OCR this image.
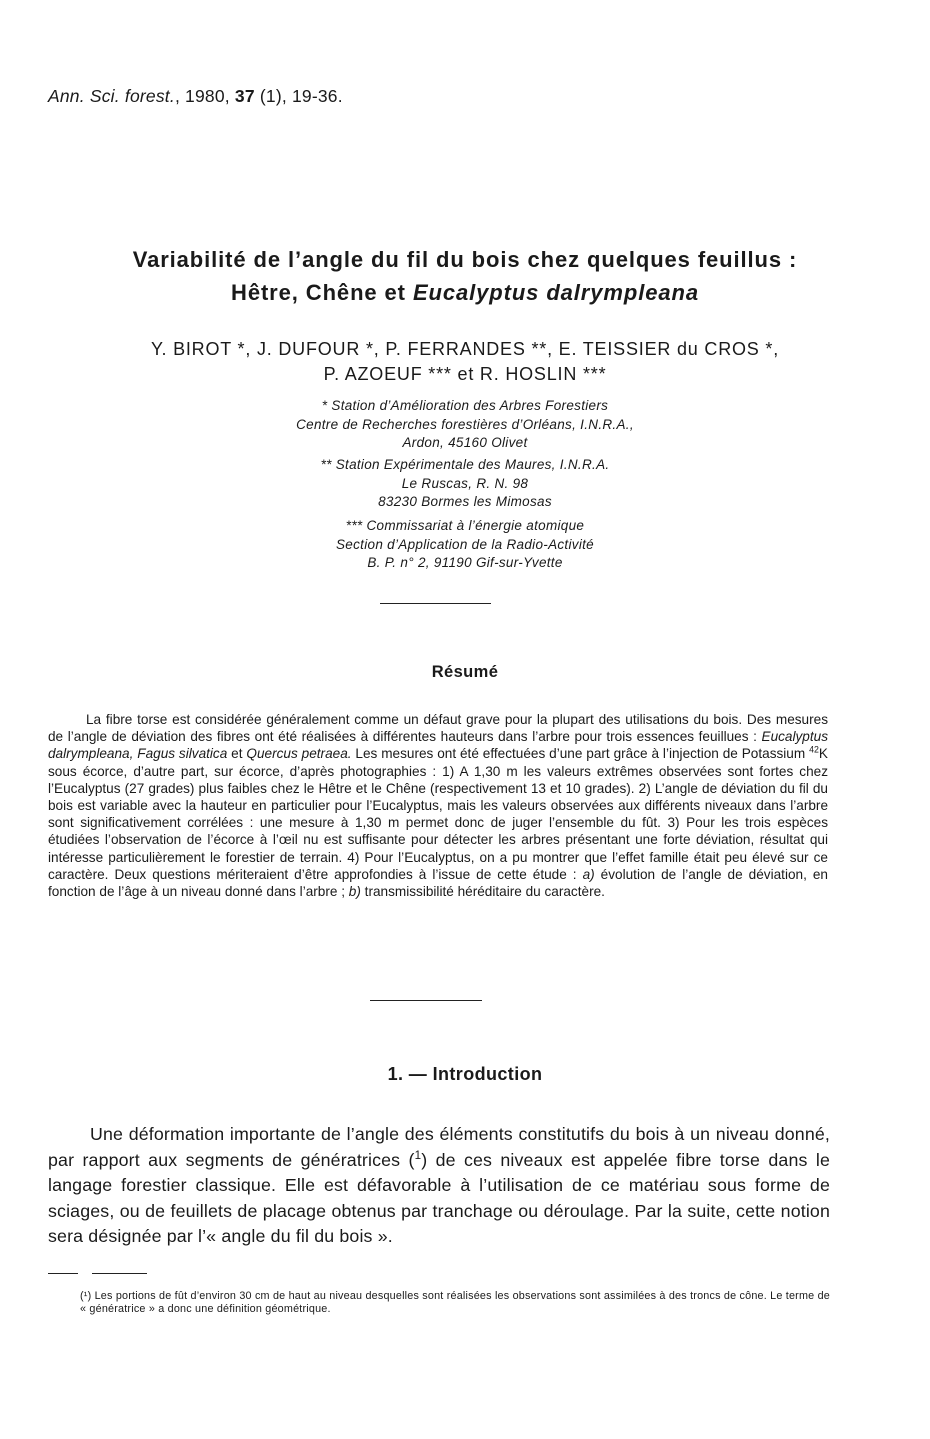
Ann. Sci. forest., 1980, 37 (1), 19-36.
Variabilité de l’angle du fil du bois chez quelques feuillus :
Hêtre, Chêne et Eucalyptus dalrympleana
Y. BIROT *, J. DUFOUR *, P. FERRANDES **, E. TEISSIER du CROS *,
P. AZOEUF *** et R. HOSLIN ***
* Station d’Amélioration des Arbres Forestiers
Centre de Recherches forestières d’Orléans, I.N.R.A.,
Ardon, 45160 Olivet
** Station Expérimentale des Maures, I.N.R.A.
Le Ruscas, R. N. 98
83230 Bormes les Mimosas
*** Commissariat à l’énergie atomique
Section d’Application de la Radio-Activité
B. P. n° 2, 91190 Gif-sur-Yvette
Résumé
La fibre torse est considérée généralement comme un défaut grave pour la plupart des utilisations du bois. Des mesures de l’angle de déviation des fibres ont été réalisées à différentes hauteurs dans l’arbre pour trois essences feuillues : Eucalyptus dalrympleana, Fagus silvatica et Quercus petraea. Les mesures ont été effectuées d’une part grâce à l’injection de Potassium $^{42}$K sous écorce, d’autre part, sur écorce, d’après photographies : 1) A 1,30 m les valeurs extrêmes observées sont fortes chez l’Eucalyptus (27 grades) plus faibles chez le Hêtre et le Chêne (respectivement 13 et 10 grades). 2) L’angle de déviation du fil du bois est variable avec la hauteur en particulier pour l’Eucalyptus, mais les valeurs observées aux différents niveaux dans l’arbre sont significativement corrélées : une mesure à 1,30 m permet donc de juger l’ensemble du fût. 3) Pour les trois espèces étudiées l’observation de l’écorce à l’œil nu est suffisante pour détecter les arbres présentant une forte déviation, résultat qui intéresse particulièrement le forestier de terrain. 4) Pour l’Eucalyptus, on a pu montrer que l’effet famille était peu élevé sur ce caractère. Deux questions mériteraient d’être approfondies à l’issue de cette étude : a) évolution de l’angle de déviation, en fonction de l’âge à un niveau donné dans l’arbre ; b) transmissibilité héréditaire du caractère.
1. — Introduction
Une déformation importante de l’angle des éléments constitutifs du bois à un niveau donné, par rapport aux segments de génératrices ($^1$) de ces niveaux est appelée fibre torse dans le langage forestier classique. Elle est défavorable à l’utilisation de ce matériau sous forme de sciages, ou de feuillets de placage obtenus par tranchage ou déroulage. Par la suite, cette notion sera désignée par l’« angle du fil du bois ».
(¹) Les portions de fût d’environ 30 cm de haut au niveau desquelles sont réalisées les observations sont assimilées à des troncs de cône. Le terme de « génératrice » a donc une définition géométrique.
